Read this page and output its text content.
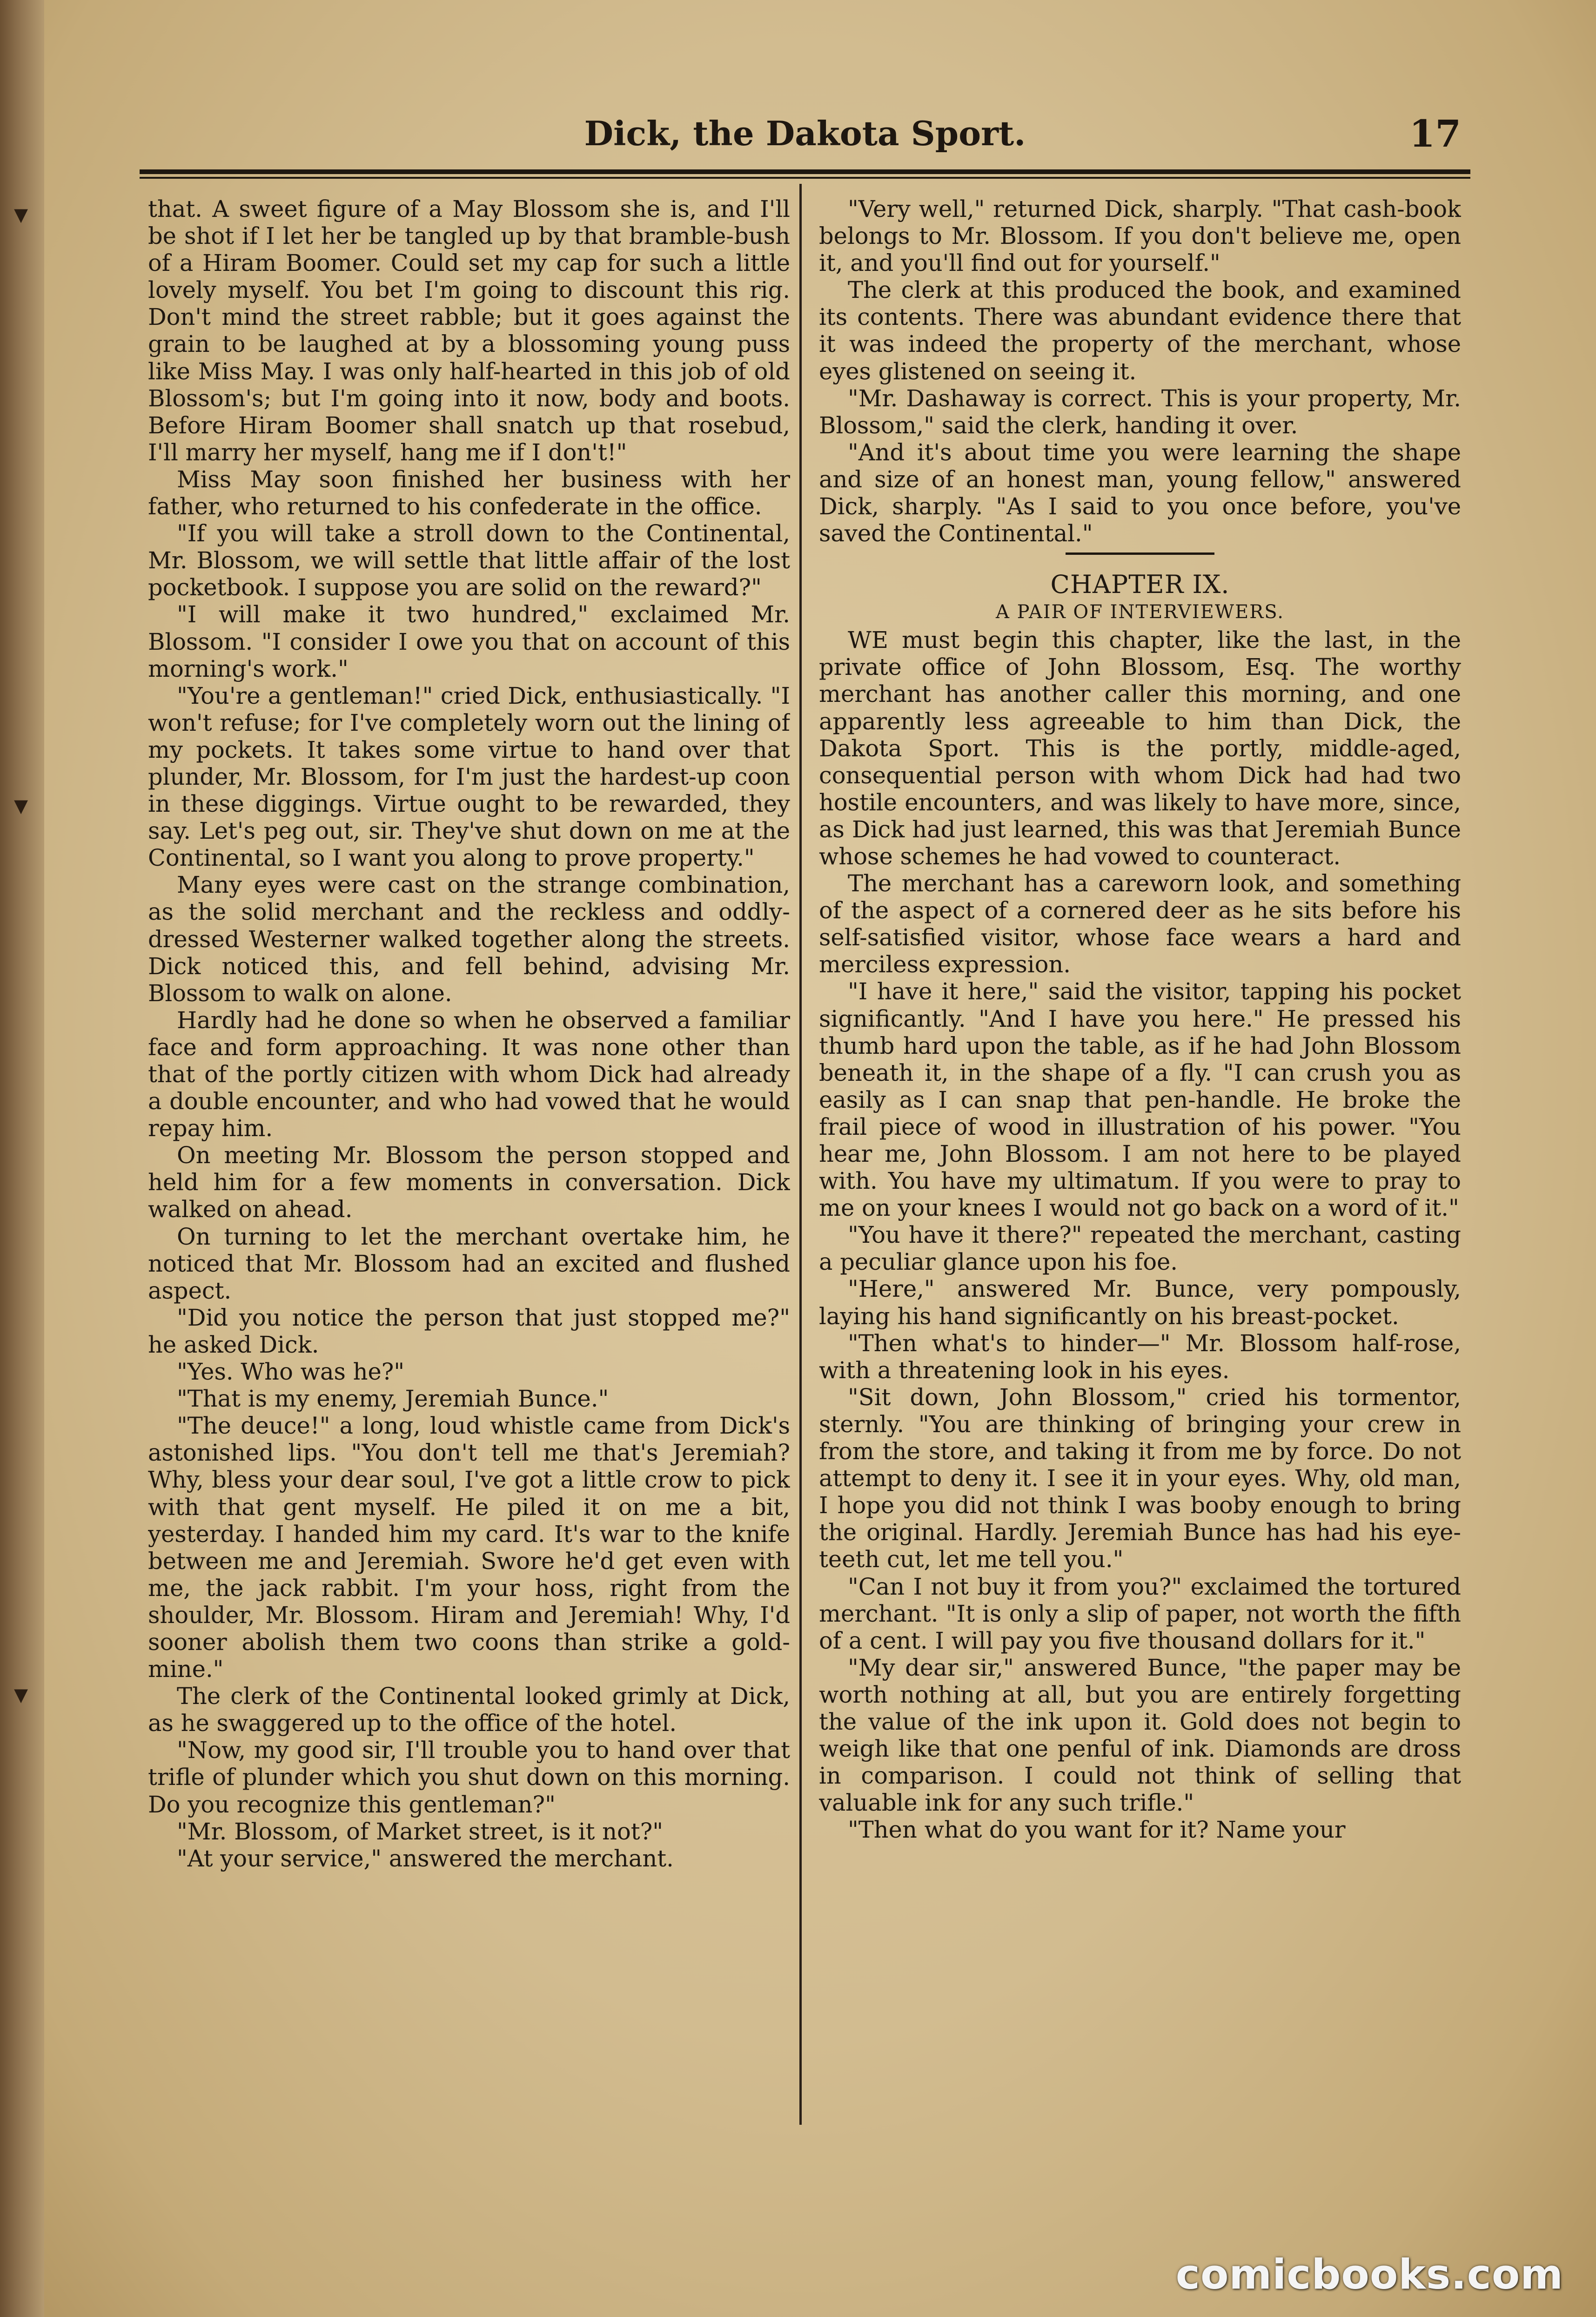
▾
▾
▾
Dick, the Dakota Sport.	17

that. A sweet figure of a May Blossom she is, and I'll be shot if I let her be tangled up by that bramble-bush of a Hiram Boomer. Could set my cap for such a little lovely myself. You bet I'm going to discount this rig. Don't mind the street rabble; but it goes against the grain to be laughed at by a blossoming young puss like Miss May. I was only half-hearted in this job of old Blossom's; but I'm going into it now, body and boots. Before Hiram Boomer shall snatch up that rosebud, I'll marry her myself, hang me if I don't!"

Miss May soon finished her business with her father, who returned to his confederate in the office.

"If you will take a stroll down to the Continental, Mr. Blossom, we will settle that little affair of the lost pocketbook. I suppose you are solid on the reward?"

"I will make it two hundred," exclaimed Mr. Blossom. "I consider I owe you that on account of this morning's work."

"You're a gentleman!" cried Dick, enthusiastically. "I won't refuse; for I've completely worn out the lining of my pockets. It takes some virtue to hand over that plunder, Mr. Blossom, for I'm just the hardest-up coon in these diggings. Virtue ought to be rewarded, they say. Let's peg out, sir. They've shut down on me at the Continental, so I want you along to prove property."

Many eyes were cast on the strange combination, as the solid merchant and the reckless and oddly-dressed Westerner walked together along the streets. Dick noticed this, and fell behind, advising Mr. Blossom to walk on alone.

Hardly had he done so when he observed a familiar face and form approaching. It was none other than that of the portly citizen with whom Dick had already a double encounter, and who had vowed that he would repay him.

On meeting Mr. Blossom the person stopped and held him for a few moments in conversation. Dick walked on ahead.

On turning to let the merchant overtake him, he noticed that Mr. Blossom had an excited and flushed aspect.

"Did you notice the person that just stopped me?" he asked Dick.

"Yes. Who was he?"

"That is my enemy, Jeremiah Bunce."

"The deuce!" a long, loud whistle came from Dick's astonished lips. "You don't tell me that's Jeremiah? Why, bless your dear soul, I've got a little crow to pick with that gent myself. He piled it on me a bit, yesterday. I handed him my card. It's war to the knife between me and Jeremiah. Swore he'd get even with me, the jack rabbit. I'm your hoss, right from the shoulder, Mr. Blossom. Hiram and Jeremiah! Why, I'd sooner abolish them two coons than strike a gold-mine."

The clerk of the Continental looked grimly at Dick, as he swaggered up to the office of the hotel.

"Now, my good sir, I'll trouble you to hand over that trifle of plunder which you shut down on this morning. Do you recognize this gentleman?"

"Mr. Blossom, of Market street, is it not?"

"At your service," answered the merchant.

"Very well," returned Dick, sharply. "That cash-book belongs to Mr. Blossom. If you don't believe me, open it, and you'll find out for yourself."

The clerk at this produced the book, and examined its contents. There was abundant evidence there that it was indeed the property of the merchant, whose eyes glistened on seeing it.

"Mr. Dashaway is correct. This is your property, Mr. Blossom," said the clerk, handing it over.

"And it's about time you were learning the shape and size of an honest man, young fellow," answered Dick, sharply. "As I said to you once before, you've saved the Continental."

CHAPTER IX.
A PAIR OF INTERVIEWERS.

WE must begin this chapter, like the last, in the private office of John Blossom, Esq. The worthy merchant has another caller this morning, and one apparently less agreeable to him than Dick, the Dakota Sport. This is the portly, middle-aged, consequential person with whom Dick had had two hostile encounters, and was likely to have more, since, as Dick had just learned, this was that Jeremiah Bunce whose schemes he had vowed to counteract.

The merchant has a careworn look, and something of the aspect of a cornered deer as he sits before his self-satisfied visitor, whose face wears a hard and merciless expression.

"I have it here," said the visitor, tapping his pocket significantly. "And I have you here." He pressed his thumb hard upon the table, as if he had John Blossom beneath it, in the shape of a fly. "I can crush you as easily as I can snap that pen-handle. He broke the frail piece of wood in illustration of his power. "You hear me, John Blossom. I am not here to be played with. You have my ultimatum. If you were to pray to me on your knees I would not go back on a word of it."

"You have it there?" repeated the merchant, casting a peculiar glance upon his foe.

"Here," answered Mr. Bunce, very pompously, laying his hand significantly on his breast-pocket.

"Then what's to hinder—" Mr. Blossom half-rose, with a threatening look in his eyes.

"Sit down, John Blossom," cried his tormentor, sternly. "You are thinking of bringing your crew in from the store, and taking it from me by force. Do not attempt to deny it. I see it in your eyes. Why, old man, I hope you did not think I was booby enough to bring the original. Hardly. Jeremiah Bunce has had his eye-teeth cut, let me tell you."

"Can I not buy it from you?" exclaimed the tortured merchant. "It is only a slip of paper, not worth the fifth of a cent. I will pay you five thousand dollars for it."

"My dear sir," answered Bunce, "the paper may be worth nothing at all, but you are entirely forgetting the value of the ink upon it. Gold does not begin to weigh like that one penful of ink. Diamonds are dross in comparison. I could not think of selling that valuable ink for any such trifle."

"Then what do you want for it? Name your

comicbooks.com
